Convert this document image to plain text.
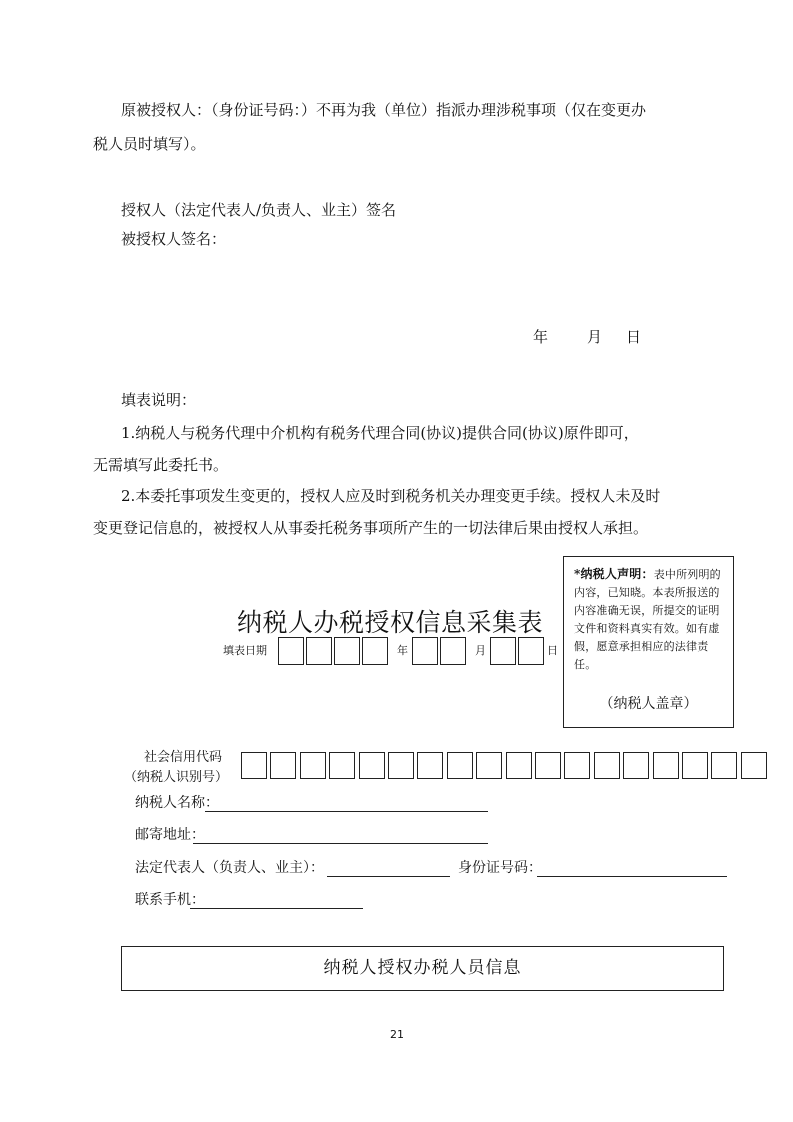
原被授权人：（身份证号码：）不再为我（单位）指派办理涉税事项（仅在变更办
税人员时填写）。
授权人（法定代表人/负责人、业主）签名
被授权人签名：
年	月 日
填表说明：
1.纳税人与税务代理中介机构有税务代理合同(协议)提供合同(协议)原件即可，
无需填写此委托书。
2.本委托事项发生变更的，授权人应及时到税务机关办理变更手续。授权人未及时
变更登记信息的，被授权人从事委托税务事项所产生的一切法律后果由授权人承担。
*纳税人声明：表中所列明的内容，已知晓。本表所报送的内容准确无误，所提交的证明文件和资料真实有效。如有虚假，愿意承担相应的法律责任。
（纳税人盖章）
纳税人办税授权信息采集表
填表日期	年	月	日
社会信用代码
（纳税人识别号）
纳税人名称：
邮寄地址：
法定代表人（负责人、业主）：	身份证号码：
联系手机：
纳税人授权办税人员信息
21
